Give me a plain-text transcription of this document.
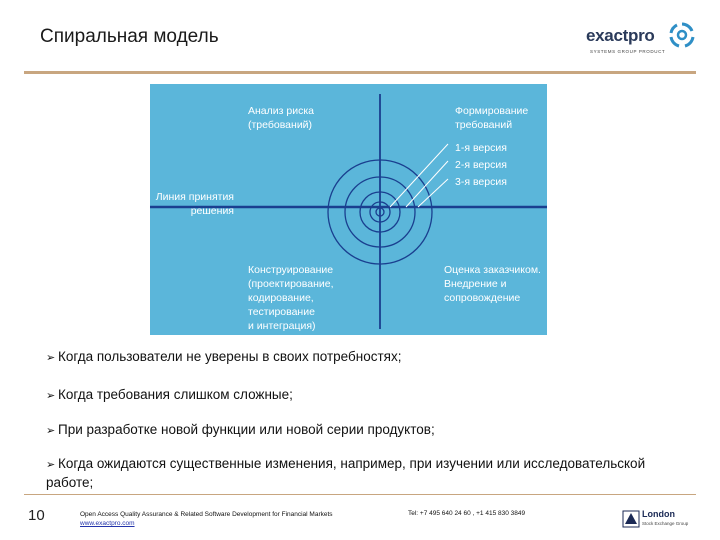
Спиральная модель	exactpro
SYSTEMS GROUP PRODUCT
Анализ риска
(требований)
Формирование
требований
1-я версия
2-я версия
3-я версия
Линия принятия
решения
Конструирование
(проектирование,
кодирование,
тестирование
и интеграция)
Оценка заказчиком.
Внедрение и
сопровождение
➢ Когда пользователи не уверены в своих потребностях;
➢ Когда требования слишком сложные;
➢ При разработке новой функции или новой серии продуктов;
➢ Когда ожидаются существенные изменения, например, при изучении или исследовательской работе;
10	Open Access Quality Assurance & Related Software Development for Financial Markets
www.exactpro.com
Tel: +7 495 640 24 60 , +1 415 830 3849	London
Stock Exchange Group
